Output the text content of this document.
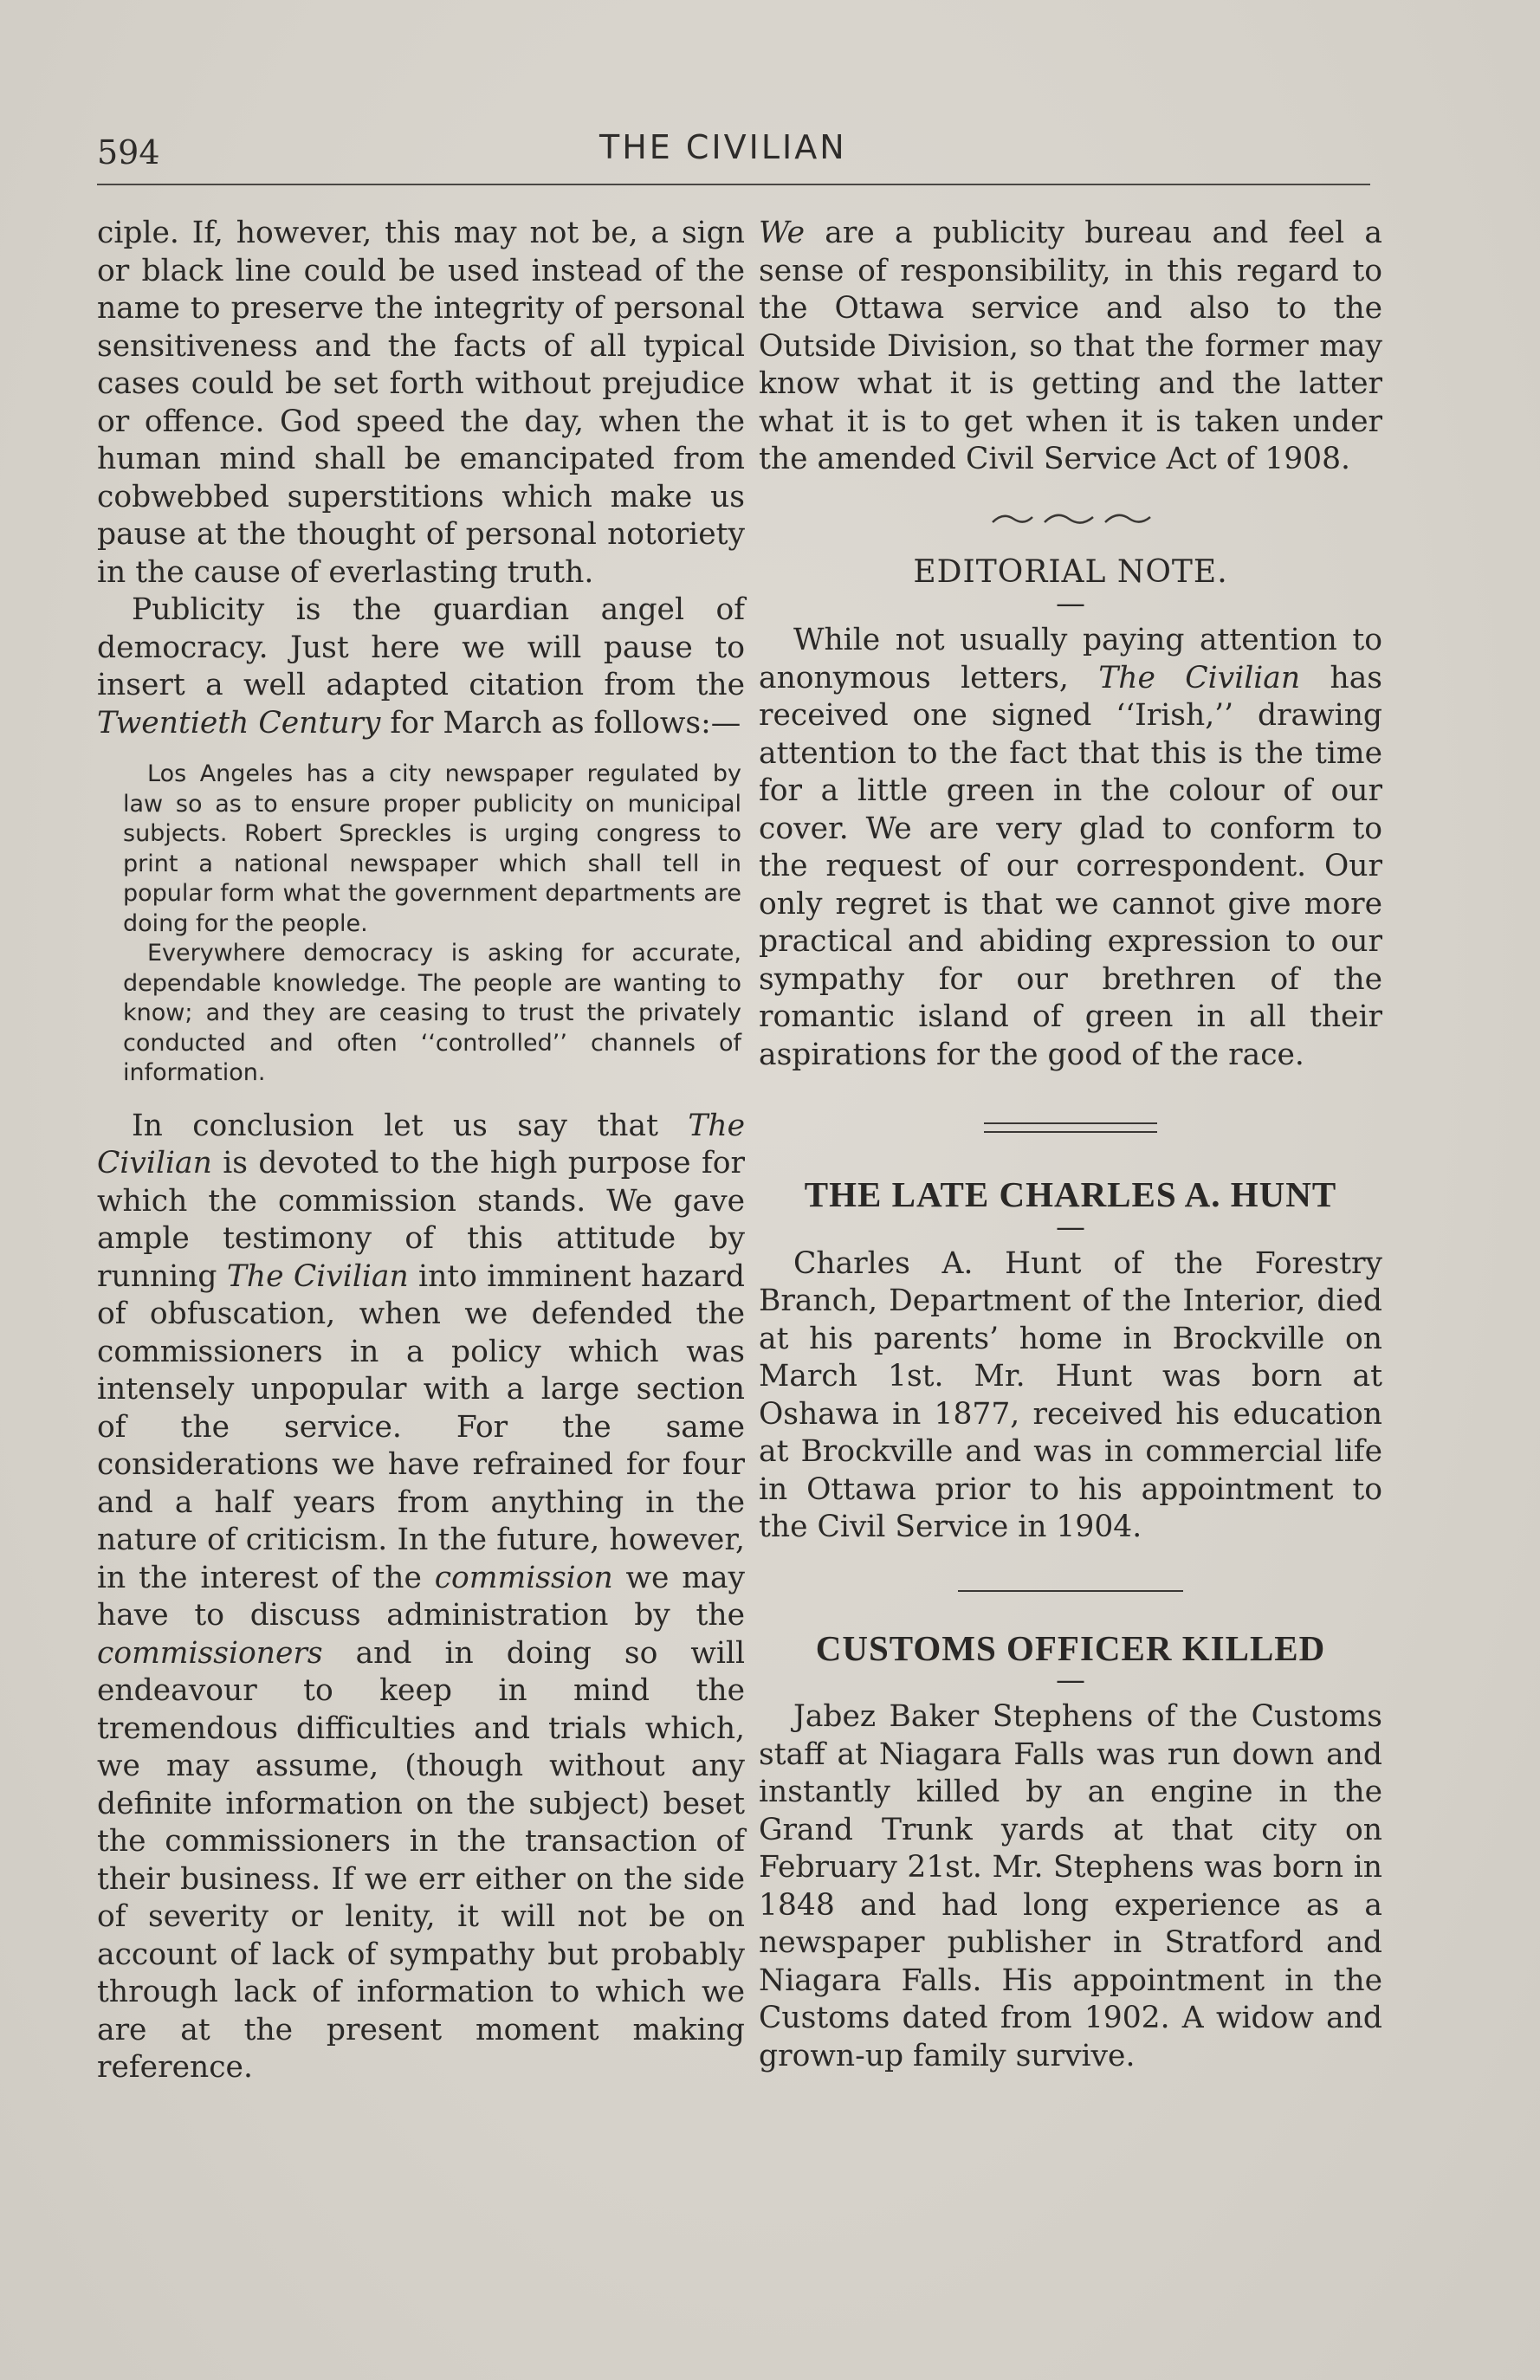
594	THE CIVILIAN

ciple. If, however, this may not be, a sign or black line could be used instead of the name to preserve the integrity of personal sensitiveness and the facts of all typical cases could be set forth without prejudice or offence. God speed the day, when the human mind shall be emancipated from cobwebbed superstitions which make us pause at the thought of personal notoriety in the cause of everlasting truth.

Publicity is the guardian angel of democracy. Just here we will pause to insert a well adapted citation from the Twentieth Century for March as follows:—

Los Angeles has a city newspaper regulated by law so as to ensure proper publicity on municipal subjects. Robert Spreckles is urging congress to print a national newspaper which shall tell in popular form what the government departments are doing for the people.

Everywhere democracy is asking for accurate, dependable knowledge. The people are wanting to know; and they are ceasing to trust the privately conducted and often ‘‘controlled’’ channels of information.

In conclusion let us say that The Civilian is devoted to the high purpose for which the commission stands. We gave ample testimony of this attitude by running The Civilian into imminent hazard of obfuscation, when we defended the commissioners in a policy which was intensely unpopular with a large section of the service. For the same considerations we have refrained for four and a half years from anything in the nature of criticism. In the future, however, in the interest of the commission we may have to discuss administration by the commissioners and in doing so will endeavour to keep in mind the tremendous difficulties and trials which, we may assume, (though without any definite information on the subject) beset the commissioners in the transaction of their business. If we err either on the side of severity or lenity, it will not be on account of lack of sympathy but probably through lack of information to which we are at the present moment making reference.

We are a publicity bureau and feel a sense of responsibility, in this regard to the Ottawa service and also to the Outside Division, so that the former may know what it is getting and the latter what it is to get when it is taken under the amended Civil Service Act of 1908.

EDITORIAL NOTE.
—

While not usually paying attention to anonymous letters, The Civilian has received one signed ‘‘Irish,’’ drawing attention to the fact that this is the time for a little green in the colour of our cover. We are very glad to conform to the request of our correspondent. Our only regret is that we cannot give more practical and abiding expression to our sympathy for our brethren of the romantic island of green in all their aspirations for the good of the race.

THE LATE CHARLES A. HUNT
—

Charles A. Hunt of the Forestry Branch, Department of the Interior, died at his parents’ home in Brockville on March 1st. Mr. Hunt was born at Oshawa in 1877, received his education at Brockville and was in commercial life in Ottawa prior to his appointment to the Civil Service in 1904.

CUSTOMS OFFICER KILLED
—

Jabez Baker Stephens of the Customs staff at Niagara Falls was run down and instantly killed by an engine in the Grand Trunk yards at that city on February 21st. Mr. Stephens was born in 1848 and had long experience as a newspaper publisher in Stratford and Niagara Falls. His appointment in the Customs dated from 1902. A widow and grown-up family survive.
